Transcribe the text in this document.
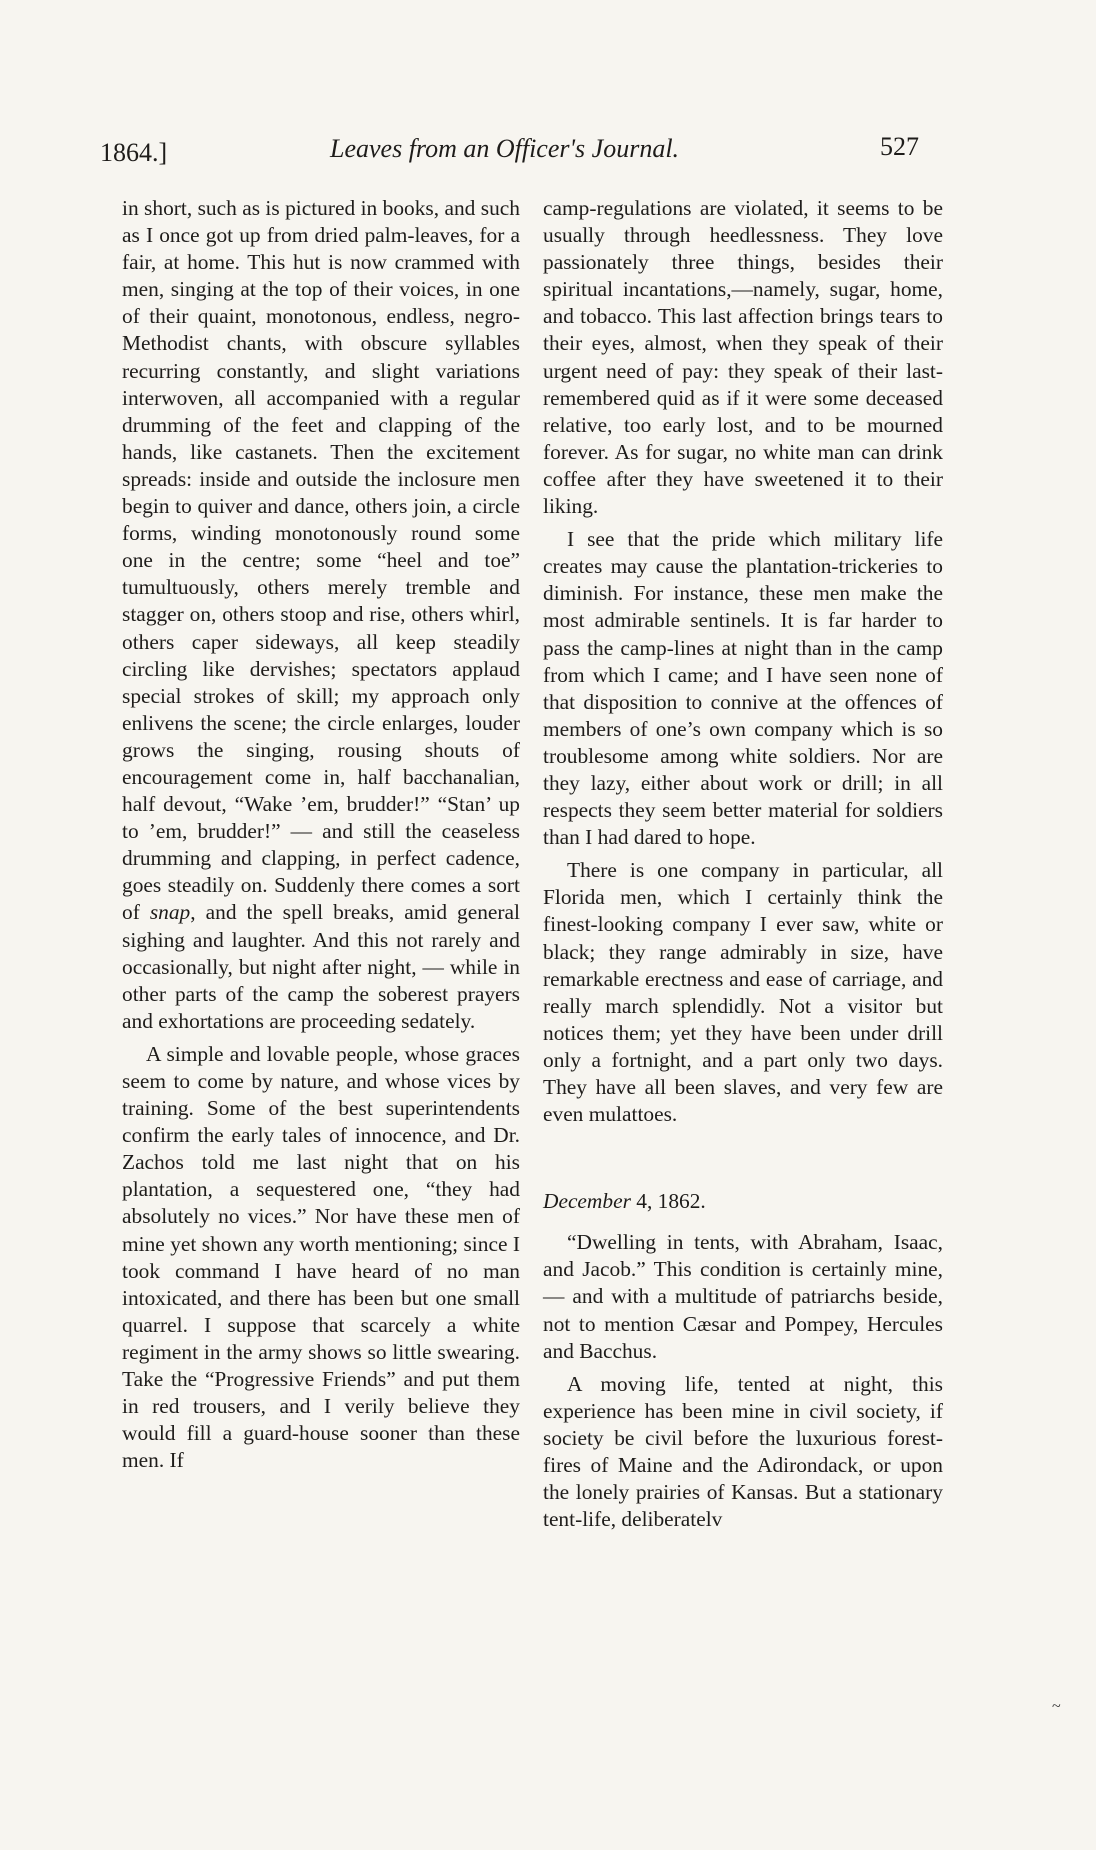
1864.]	Leaves from an Officer's Journal.	527

in short, such as is pictured in books, and such as I once got up from dried palm-leaves, for a fair, at home. This hut is now crammed with men, singing at the top of their voices, in one of their quaint, monotonous, endless, negro-Methodist chants, with obscure syllables recurring constantly, and slight variations interwoven, all accompanied with a regular drumming of the feet and clapping of the hands, like castanets. Then the excitement spreads: inside and outside the inclosure men begin to quiver and dance, others join, a circle forms, winding monotonously round some one in the centre; some “heel and toe” tumultuously, others merely tremble and stagger on, others stoop and rise, others whirl, others caper sideways, all keep steadily circling like dervishes; spectators applaud special strokes of skill; my approach only enlivens the scene; the circle enlarges, louder grows the singing, rousing shouts of encouragement come in, half bacchanalian, half devout, “Wake ’em, brudder!” “Stan’ up to ’em, brudder!” — and still the ceaseless drumming and clapping, in perfect cadence, goes steadily on. Suddenly there comes a sort of snap, and the spell breaks, amid general sighing and laughter. And this not rarely and occasionally, but night after night, — while in other parts of the camp the soberest prayers and exhortations are proceeding sedately.

A simple and lovable people, whose graces seem to come by nature, and whose vices by training. Some of the best superintendents confirm the early tales of innocence, and Dr. Zachos told me last night that on his plantation, a sequestered one, “they had absolutely no vices.” Nor have these men of mine yet shown any worth mentioning; since I took command I have heard of no man intoxicated, and there has been but one small quarrel. I suppose that scarcely a white regiment in the army shows so little swearing. Take the “Progressive Friends” and put them in red trousers, and I verily believe they would fill a guard-house sooner than these men. If

camp-regulations are violated, it seems to be usually through heedlessness. They love passionately three things, besides their spiritual incantations,—namely, sugar, home, and tobacco. This last affection brings tears to their eyes, almost, when they speak of their urgent need of pay: they speak of their last-remembered quid as if it were some deceased relative, too early lost, and to be mourned forever. As for sugar, no white man can drink coffee after they have sweetened it to their liking.

I see that the pride which military life creates may cause the plantation-trickeries to diminish. For instance, these men make the most admirable sentinels. It is far harder to pass the camp-lines at night than in the camp from which I came; and I have seen none of that disposition to connive at the offences of members of one’s own company which is so troublesome among white soldiers. Nor are they lazy, either about work or drill; in all respects they seem better material for soldiers than I had dared to hope.

There is one company in particular, all Florida men, which I certainly think the finest-looking company I ever saw, white or black; they range admirably in size, have remarkable erectness and ease of carriage, and really march splendidly. Not a visitor but notices them; yet they have been under drill only a fortnight, and a part only two days. They have all been slaves, and very few are even mulattoes.

December 4, 1862.

“Dwelling in tents, with Abraham, Isaac, and Jacob.” This condition is certainly mine, — and with a multitude of patriarchs beside, not to mention Cæsar and Pompey, Hercules and Bacchus.

A moving life, tented at night, this experience has been mine in civil society, if society be civil before the luxurious forest-fires of Maine and the Adirondack, or upon the lonely prairies of Kansas. But a stationary tent-life, deliberatelv

~
